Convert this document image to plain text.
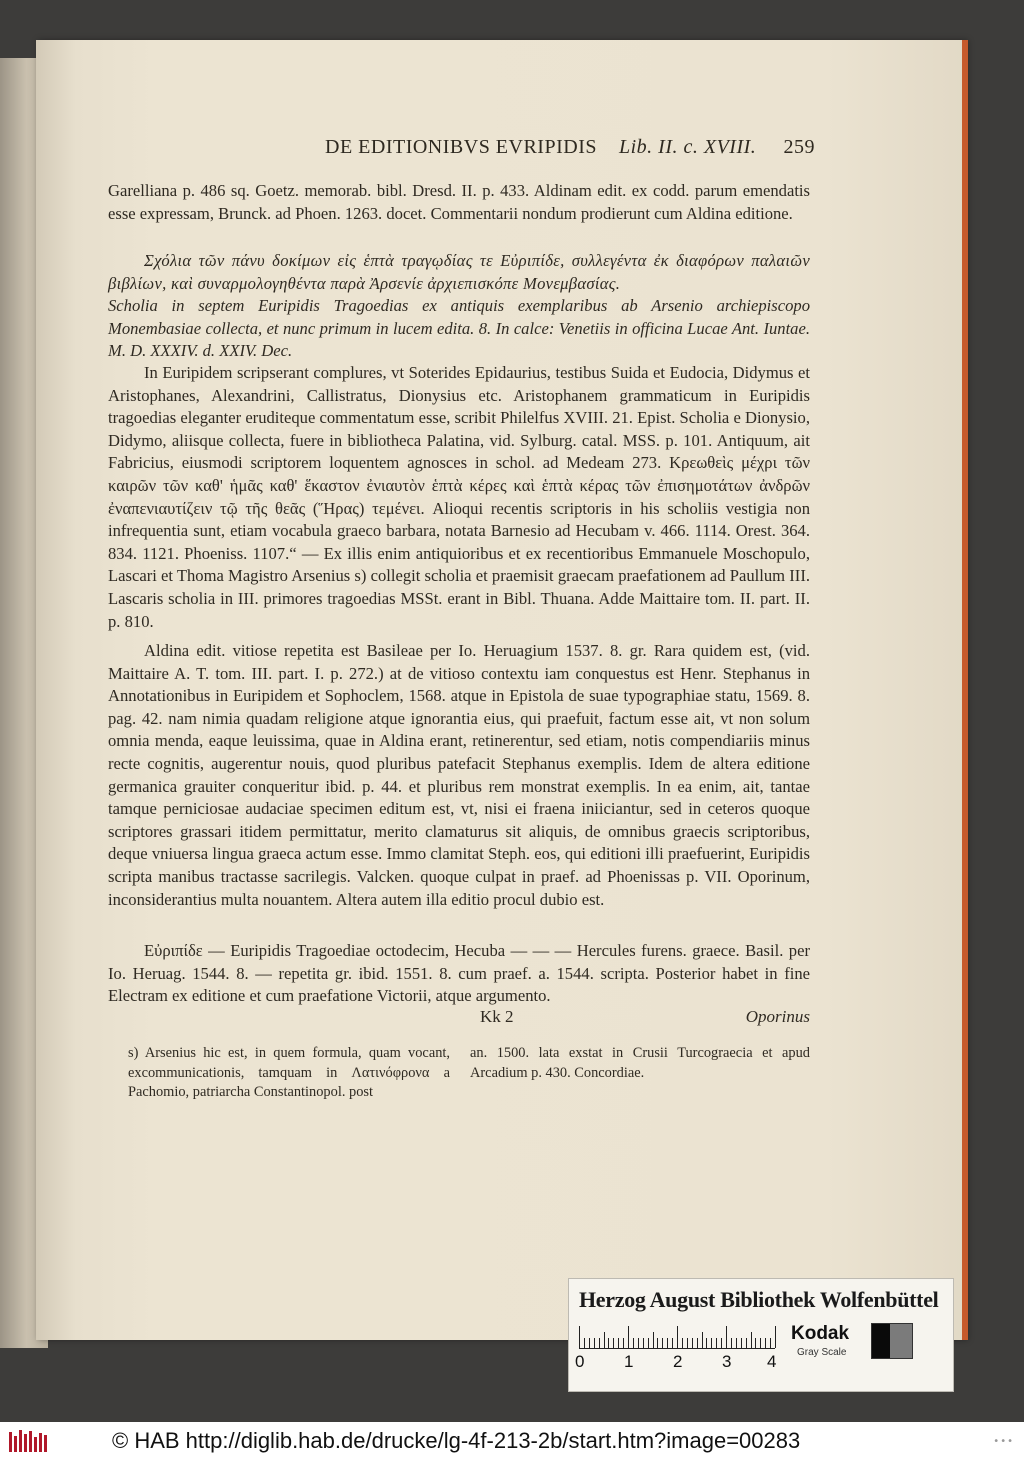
DE EDITIONIBVS EVRIPIDIS Lib. II. c. XVIII. 259

Garelliana p. 486 sq. Goetz. memorab. bibl. Dresd. II. p. 433. Aldinam edit. ex codd. parum emendatis esse expressam, Brunck. ad Phoen. 1263. docet. Commentarii nondum prodierunt cum Aldina editione.

Σχόλια τῶν πάνυ δοκίμων εἰς ἑπτὰ τραγῳδίας τε Εὐριπίδε, συλλεγέντα ἐκ διαφόρων παλαιῶν βιβλίων, καὶ συναρμολογηθέντα παρὰ Ἀρσενίε ἀρχιεπισκόπε Μονεμβασίας.

Scholia in septem Euripidis Tragoedias ex antiquis exemplaribus ab Arsenio archiepiscopo Monembasiae collecta, et nunc primum in lucem edita. 8. In calce: Venetiis in officina Lucae Ant. Iuntae. M. D. XXXIV. d. XXIV. Dec.

In Euripidem scripserant complures, vt Soterides Epidaurius, testibus Suida et Eudocia, Didymus et Aristophanes, Alexandrini, Callistratus, Dionysius etc. Aristophanem grammaticum in Euripidis tragoedias eleganter eruditeque commentatum esse, scribit Philelfus XVIII. 21. Epist. Scholia e Dionysio, Didymo, aliisque collecta, fuere in bibliotheca Palatina, vid. Sylburg. catal. MSS. p. 101. Antiquum, ait Fabricius, eiusmodi scriptorem loquentem agnosces in schol. ad Medeam 273. Κρεωθεὶς μέχρι τῶν καιρῶν τῶν καθ' ἡμᾶς καθ' ἕκαστον ἐνιαυτὸν ἑπτὰ κέρες καὶ ἑπτὰ κέρας τῶν ἐπισημοτάτων ἀνδρῶν ἐναπενιαυτίζειν τῷ τῆς θεᾶς (Ἥρας) τεμένει. Alioqui recentis scriptoris in his scholiis vestigia non infrequentia sunt, etiam vocabula graeco barbara, notata Barnesio ad Hecubam v. 466. 1114. Orest. 364. 834. 1121. Phoeniss. 1107.“ — Ex illis enim antiquioribus et ex recentioribus Emmanuele Moschopulo, Lascari et Thoma Magistro Arsenius s) collegit scholia et praemisit graecam praefationem ad Paullum III. Lascaris scholia in III. primores tragoedias MSSt. erant in Bibl. Thuana. Adde Maittaire tom. II. part. II. p. 810.

Aldina edit. vitiose repetita est Basileae per Io. Heruagium 1537. 8. gr. Rara quidem est, (vid. Maittaire A. T. tom. III. part. I. p. 272.) at de vitioso contextu iam conquestus est Henr. Stephanus in Annotationibus in Euripidem et Sophoclem, 1568. atque in Epistola de suae typographiae statu, 1569. 8. pag. 42. nam nimia quadam religione atque ignorantia eius, qui praefuit, factum esse ait, vt non solum omnia menda, eaque leuissima, quae in Aldina erant, retinerentur, sed etiam, notis compendiariis minus recte cognitis, augerentur nouis, quod pluribus patefacit Stephanus exemplis. Idem de altera editione germanica grauiter conqueritur ibid. p. 44. et pluribus rem monstrat exemplis. In ea enim, ait, tantae tamque perniciosae audaciae specimen editum est, vt, nisi ei fraena iniiciantur, sed in ceteros quoque scriptores grassari itidem permittatur, merito clamaturus sit aliquis, de omnibus graecis scriptoribus, deque vniuersa lingua graeca actum esse. Immo clamitat Steph. eos, qui editioni illi praefuerint, Euripidis scripta manibus tractasse sacrilegis. Valcken. quoque culpat in praef. ad Phoenissas p. VII. Oporinum, inconsiderantius multa nouantem. Altera autem illa editio procul dubio est.

Εὐριπίδε — Euripidis Tragoediae octodecim, Hecuba — — — Hercules furens. graece. Basil. per Io. Heruag. 1544. 8. — repetita gr. ibid. 1551. 8. cum praef. a. 1544. scripta. Posterior habet in fine Electram ex editione et cum praefatione Victorii, atque argumento.

Kk 2	Oporinus
s) Arsenius hic est, in quem formula, quam vocant, excommunicationis, tamquam in Λατινόφρονα a Pachomio, patriarcha Constantinopol. post
an. 1500. lata exstat in Crusii Turcograecia et apud Arcadium p. 430. Concordiae.
Herzog August Bibliothek Wolfenbüttel
0 1 2 3 4
Kodak
Gray Scale
© HAB http://diglib.hab.de/drucke/lg-4f-213-2b/start.htm?image=00283	•••
